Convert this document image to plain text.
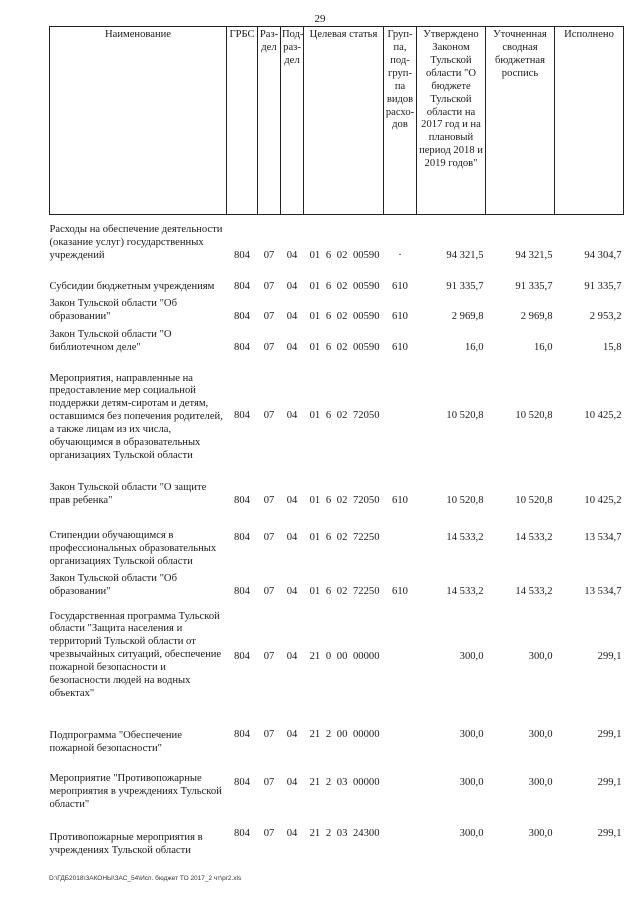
29
Наименование	ГРБС	Раз-дел	Под-раз-дел	Целевая статья	Груп-па, под-груп-па видов расхо-дов	Утверждено Законом Тульской области "О бюджете Тульской области на 2017 год и на плановый период 2018 и 2019 годов"	Уточненная сводная бюджетная роспись	Исполнено
Расходы на обеспечение деятельности (оказание услуг) государственных учреждений	804	07	04	01 6 02 00590	·	94 321,5	94 321,5	94 304,7
Субсидии бюджетным учреждениям	804	07	04	01 6 02 00590	610	91 335,7	91 335,7	91 335,7
Закон Тульской области "Об образовании"	804	07	04	01 6 02 00590	610	2 969,8	2 969,8	2 953,2
Закон Тульской области "О библиотечном деле"	804	07	04	01 6 02 00590	610	16,0	16,0	15,8
Мероприятия, направленные на предоставление мер социальной поддержки детям-сиротам и детям, оставшимся без попечения родителей, а также лицам из их числа, обучающимся в образовательных организациях Тульской области	804	07	04	01 6 02 72050		10 520,8	10 520,8	10 425,2
Закон Тульской области "О защите прав ребенка"	804	07	04	01 6 02 72050	610	10 520,8	10 520,8	10 425,2
Стипендии обучающимся в профессиональных образовательных организациях Тульской области	804	07	04	01 6 02 72250		14 533,2	14 533,2	13 534,7
Закон Тульской области "Об образовании"	804	07	04	01 6 02 72250	610	14 533,2	14 533,2	13 534,7
Государственная программа Тульской области "Защита населения и территорий Тульской области от чрезвычайных ситуаций, обеспечение пожарной безопасности и безопасности людей на водных объектах"	804	07	04	21 0 00 00000		300,0	300,0	299,1
Подпрограмма "Обеспечение пожарной безопасности"	804	07	04	21 2 00 00000		300,0	300,0	299,1
Мероприятие "Противопожарные мероприятия в учреждениях Тульской области"	804	07	04	21 2 03 00000		300,0	300,0	299,1
Противопожарные мероприятия в учреждениях Тульской области	804	07	04	21 2 03 24300		300,0	300,0	299,1
D:\ГДБ2018\ЗАКОНЫ\ЗАС_54\Исп. бюджет ТО 2017_2 чт\pr2.xls
